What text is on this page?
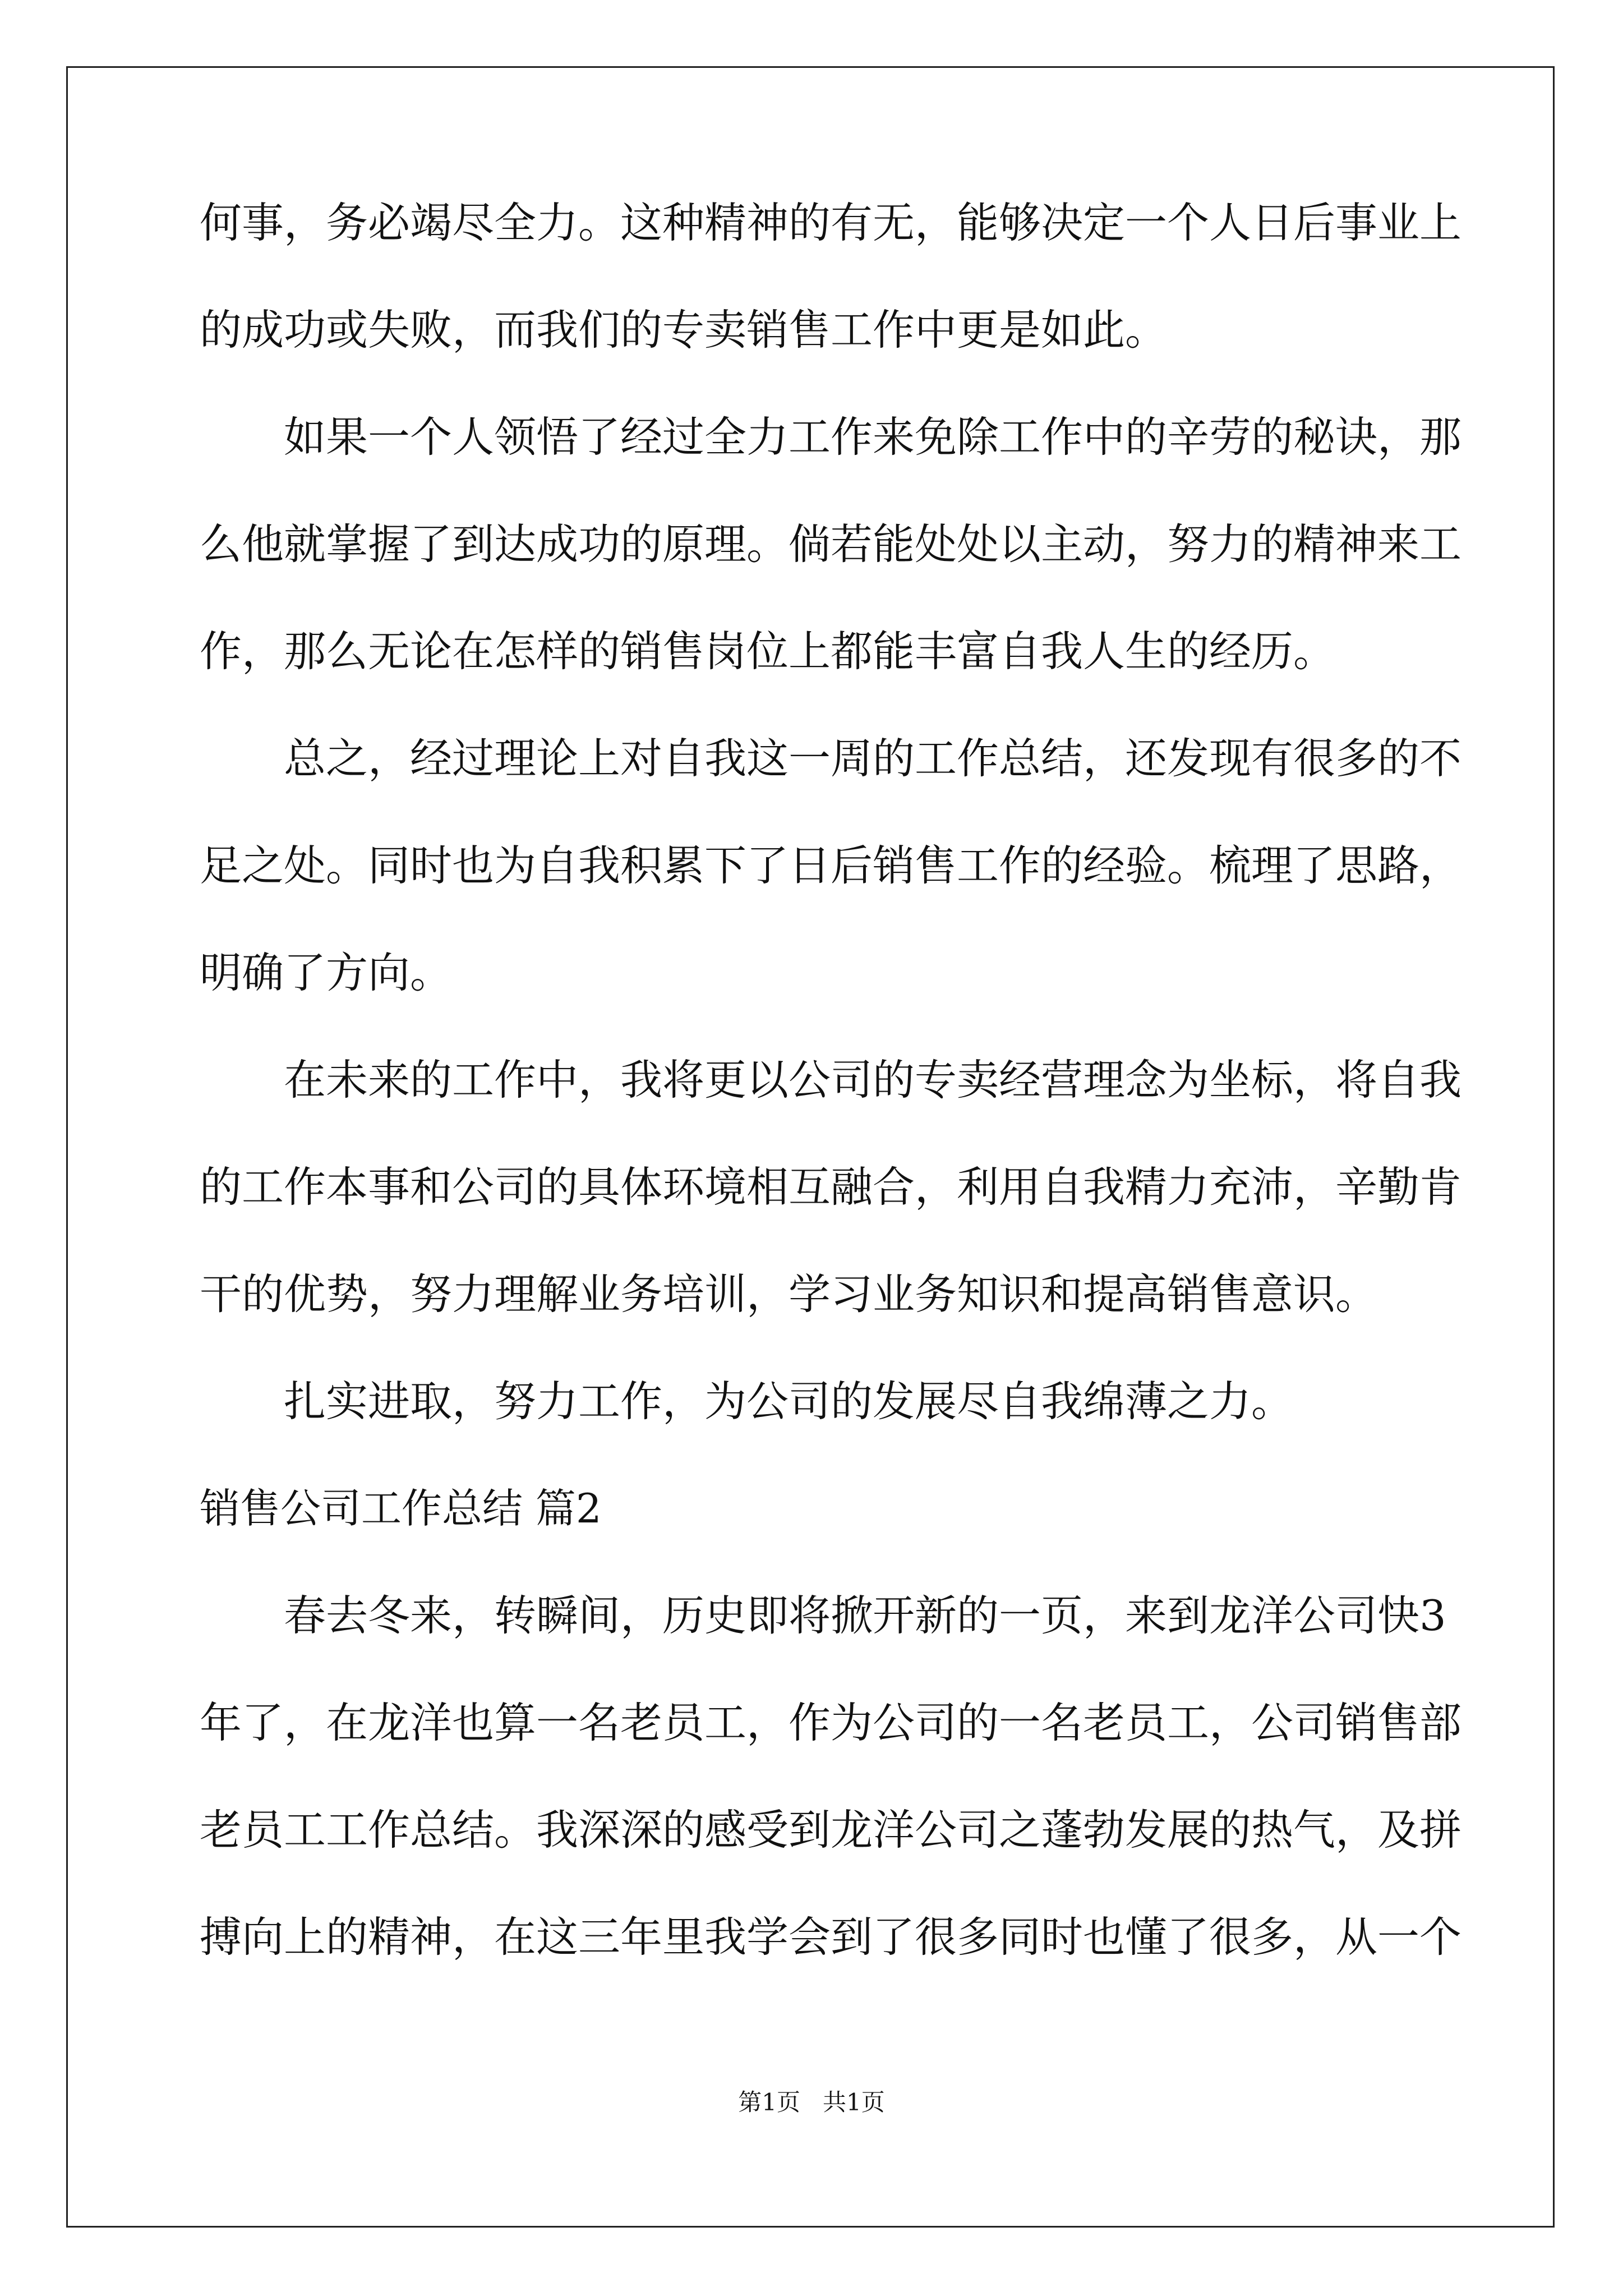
何事，务必竭尽全力。这种精神的有无，能够决定一个人日后事业上
的成功或失败，而我们的专卖销售工作中更是如此。
如果一个人领悟了经过全力工作来免除工作中的辛劳的秘诀，那
么他就掌握了到达成功的原理。倘若能处处以主动，努力的精神来工
作，那么无论在怎样的销售岗位上都能丰富自我人生的经历。
总之，经过理论上对自我这一周的工作总结，还发现有很多的不
足之处。同时也为自我积累下了日后销售工作的经验。梳理了思路，
明确了方向。
在未来的工作中，我将更以公司的专卖经营理念为坐标，将自我
的工作本事和公司的具体环境相互融合，利用自我精力充沛，辛勤肯
干的优势，努力理解业务培训，学习业务知识和提高销售意识。
扎实进取，努力工作，为公司的发展尽自我绵薄之力。
销售公司工作总结 篇2
春去冬来，转瞬间，历史即将掀开新的一页，来到龙洋公司快3
年了，在龙洋也算一名老员工，作为公司的一名老员工，公司销售部
老员工工作总结。我深深的感受到龙洋公司之蓬勃发展的热气，及拼
搏向上的精神，在这三年里我学会到了很多同时也懂了很多，从一个
第1页 共1页
